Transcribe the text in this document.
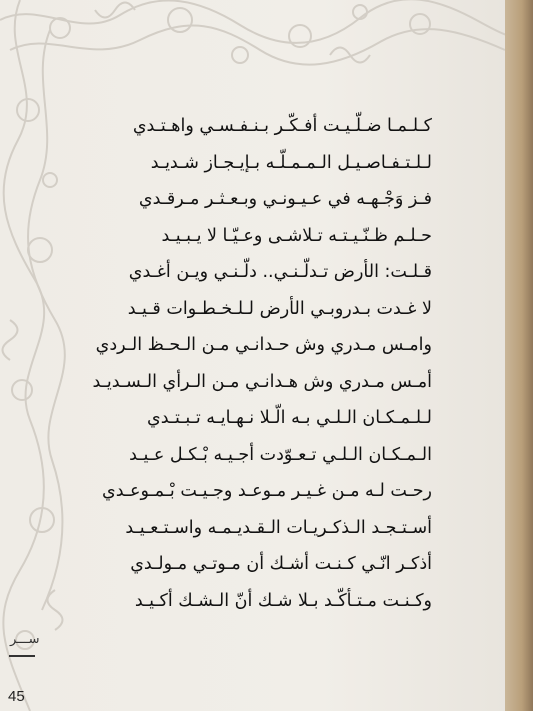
كـلـمـا ضـلّـيـت أفـكّـر بـنـفـسـي واهـتـدي
لـلـتـفـاصـيـل الـمـمـلّـه بـإيـجـاز شـديـد
فـز وَجْـهـه في عـيـونـي وبـعـثـر مـرقـدي
حـلـم ظـنّـيـتـه تـلاشـى وعـيّـا لا يـبـيـد
قـلـت: الأرض تـدلّـنـي.. دلّـنـي ويـن أغـدي
لا غـدت بـدروبـي الأرض لـلـخـطـوات قـيـد
وامـس مـدري وش حـدانـي مـن الـحـظ الـردي
أمـس مـدري وش هـدانـي مـن الـرأي الـسـديـد
لـلـمـكـان الـلـي بـه الّـلا نـهـايـه تـبـتـدي
الـمـكـان الـلـي تـعـوّدت أجـيـه بْـكـل عـيـد
رحـت لـه مـن غـيـر مـوعـد وجـيـت بْـمـوعـدي
أسـتـجـد الـذكـريـات الـقـديـمـه واسـتـعـيـد
أذكـر انّـي كـنـت أشـك أن مـوتـي مـولـدي
وكـنـت مـتـأكّـد بـلا شـك أنّ الـشـك أكـيـد
ســـر
45
